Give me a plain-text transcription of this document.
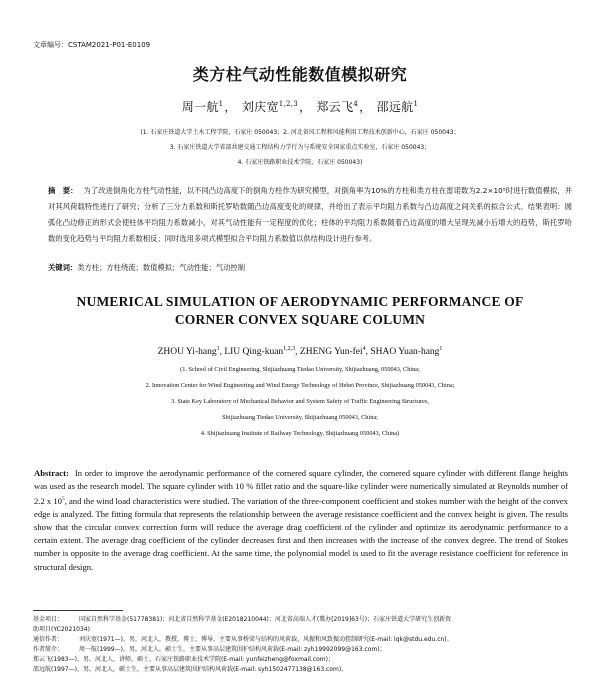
文章编号：CSTAM2021-P01-E0109
类方柱气动性能数值模拟研究
周一航$^1$， 刘庆宽$^{1,2,3}$， 郑云飞$^4$， 邵远航$^1$
(1. 石家庄铁道大学土木工程学院，石家庄 050043；2. 河北省风工程和风能利用工程技术创新中心，石家庄 050043；
3. 石家庄铁道大学省部共建交通工程结构力学行为与系统安全国家重点实验室，石家庄 050043；
4. 石家庄铁路职业技术学院，石家庄 050043)
摘　要： 为了改进倒角化方柱气动性能，以不同凸边高度下的倒角方柱作为研究模型，对倒角率为10%的方柱和类方柱在雷诺数为2.2×10⁵时进行数值模拟，并对其风荷载特性进行了研究；分析了三分力系数和斯托罗哈数随凸边高度变化的规律，并给出了表示平均阻力系数与凸边高度之间关系的拟合公式。结果表明：圆弧化凸边修正的形式会使柱体平均阻力系数减小，对其气动性能有一定程度的优化；柱体的平均阻力系数随着凸边高度的增大呈现先减小后增大的趋势，斯托罗哈数的变化趋势与平均阻力系数相反；同时选用多项式模型拟合平均阻力系数值以供结构设计进行参考。
关键词：类方柱；方柱绕流；数值模拟；气动性能；气动控制
NUMERICAL SIMULATION OF AERODYNAMIC PERFORMANCE OF
CORNER CONVEX SQUARE COLUMN
ZHOU Yi-hang$^1$, LIU Qing-kuan$^{1,2,3}$, ZHENG Yun-fei$^4$, SHAO Yuan-hang$^1$
(1. School of Civil Engineering, Shijiazhuang Tiedao University, Shijiazhuang, 050043, China;
2. Innovation Center for Wind Engineering and Wind Energy Technology of Hebei Province, Shijiazhuang 050043, China;
3. State Key Laboratory of Mechanical Behavior and System Safety of Traffic Engineering Structures,
Shijiazhuang Tiedao University, Shijiazhuang 050043, China;
4. Shijiazhuang Institute of Railway Technology, Shijiazhuang 050043, China)
Abstract: In order to improve the aerodynamic performance of the cornered square cylinder, the cornered square cylinder with different flange heights was used as the research model. The square cylinder with 10 % fillet ratio and the square-like cylinder were numerically simulated at Reynolds number of 2.2 x $10^5$, and the wind load characteristics were studied. The variation of the three-component coefficient and stokes number with the height of the convex edge is analyzed. The fitting formula that represents the relationship between the average resistance coefficient and the convex height is given. The results show that the circular convex correction form will reduce the average drag coefficient of the cylinder and optimize its aerodynamic performance to a certain extent. The average drag coefficient of the cylinder decreases first and then increases with the increase of the convex degree. The trend of Stokes number is opposite to the average drag coefficient. At the same time, the polynomial model is used to fit the average resistance coefficient for reference in structural design.
基金项目：	国家自然科学基金(51778381)；河北省自然科学基金(E2018210044)；河北省高端人才(冀办[2019]63号)；石家庄铁道大学研究生创新资
助项目(YC2021034)
通信作者：	刘庆宽(1971—)，男，河北人，教授，博士，博导，主要从事桥梁与结构的风荷载、风振和风致振动控制研究(E-mail: lqk@stdu.edu.cn)。
作者简介：	周一航(1999—)，男，河北人，硕士生，主要从事高层建筑围护结构风荷载(E-mail: zyh19992099@163.com)；
郑云飞(1983—)，男，河北人，讲师，硕士，石家庄铁路职业技术学院(E-mail: yunfeizheng@foxmail.com)；
邵远航(1997—)，男，河北人，硕士生，主要从事高层建筑围护结构风荷载(E-mail: syh1502477138@163.com)。
